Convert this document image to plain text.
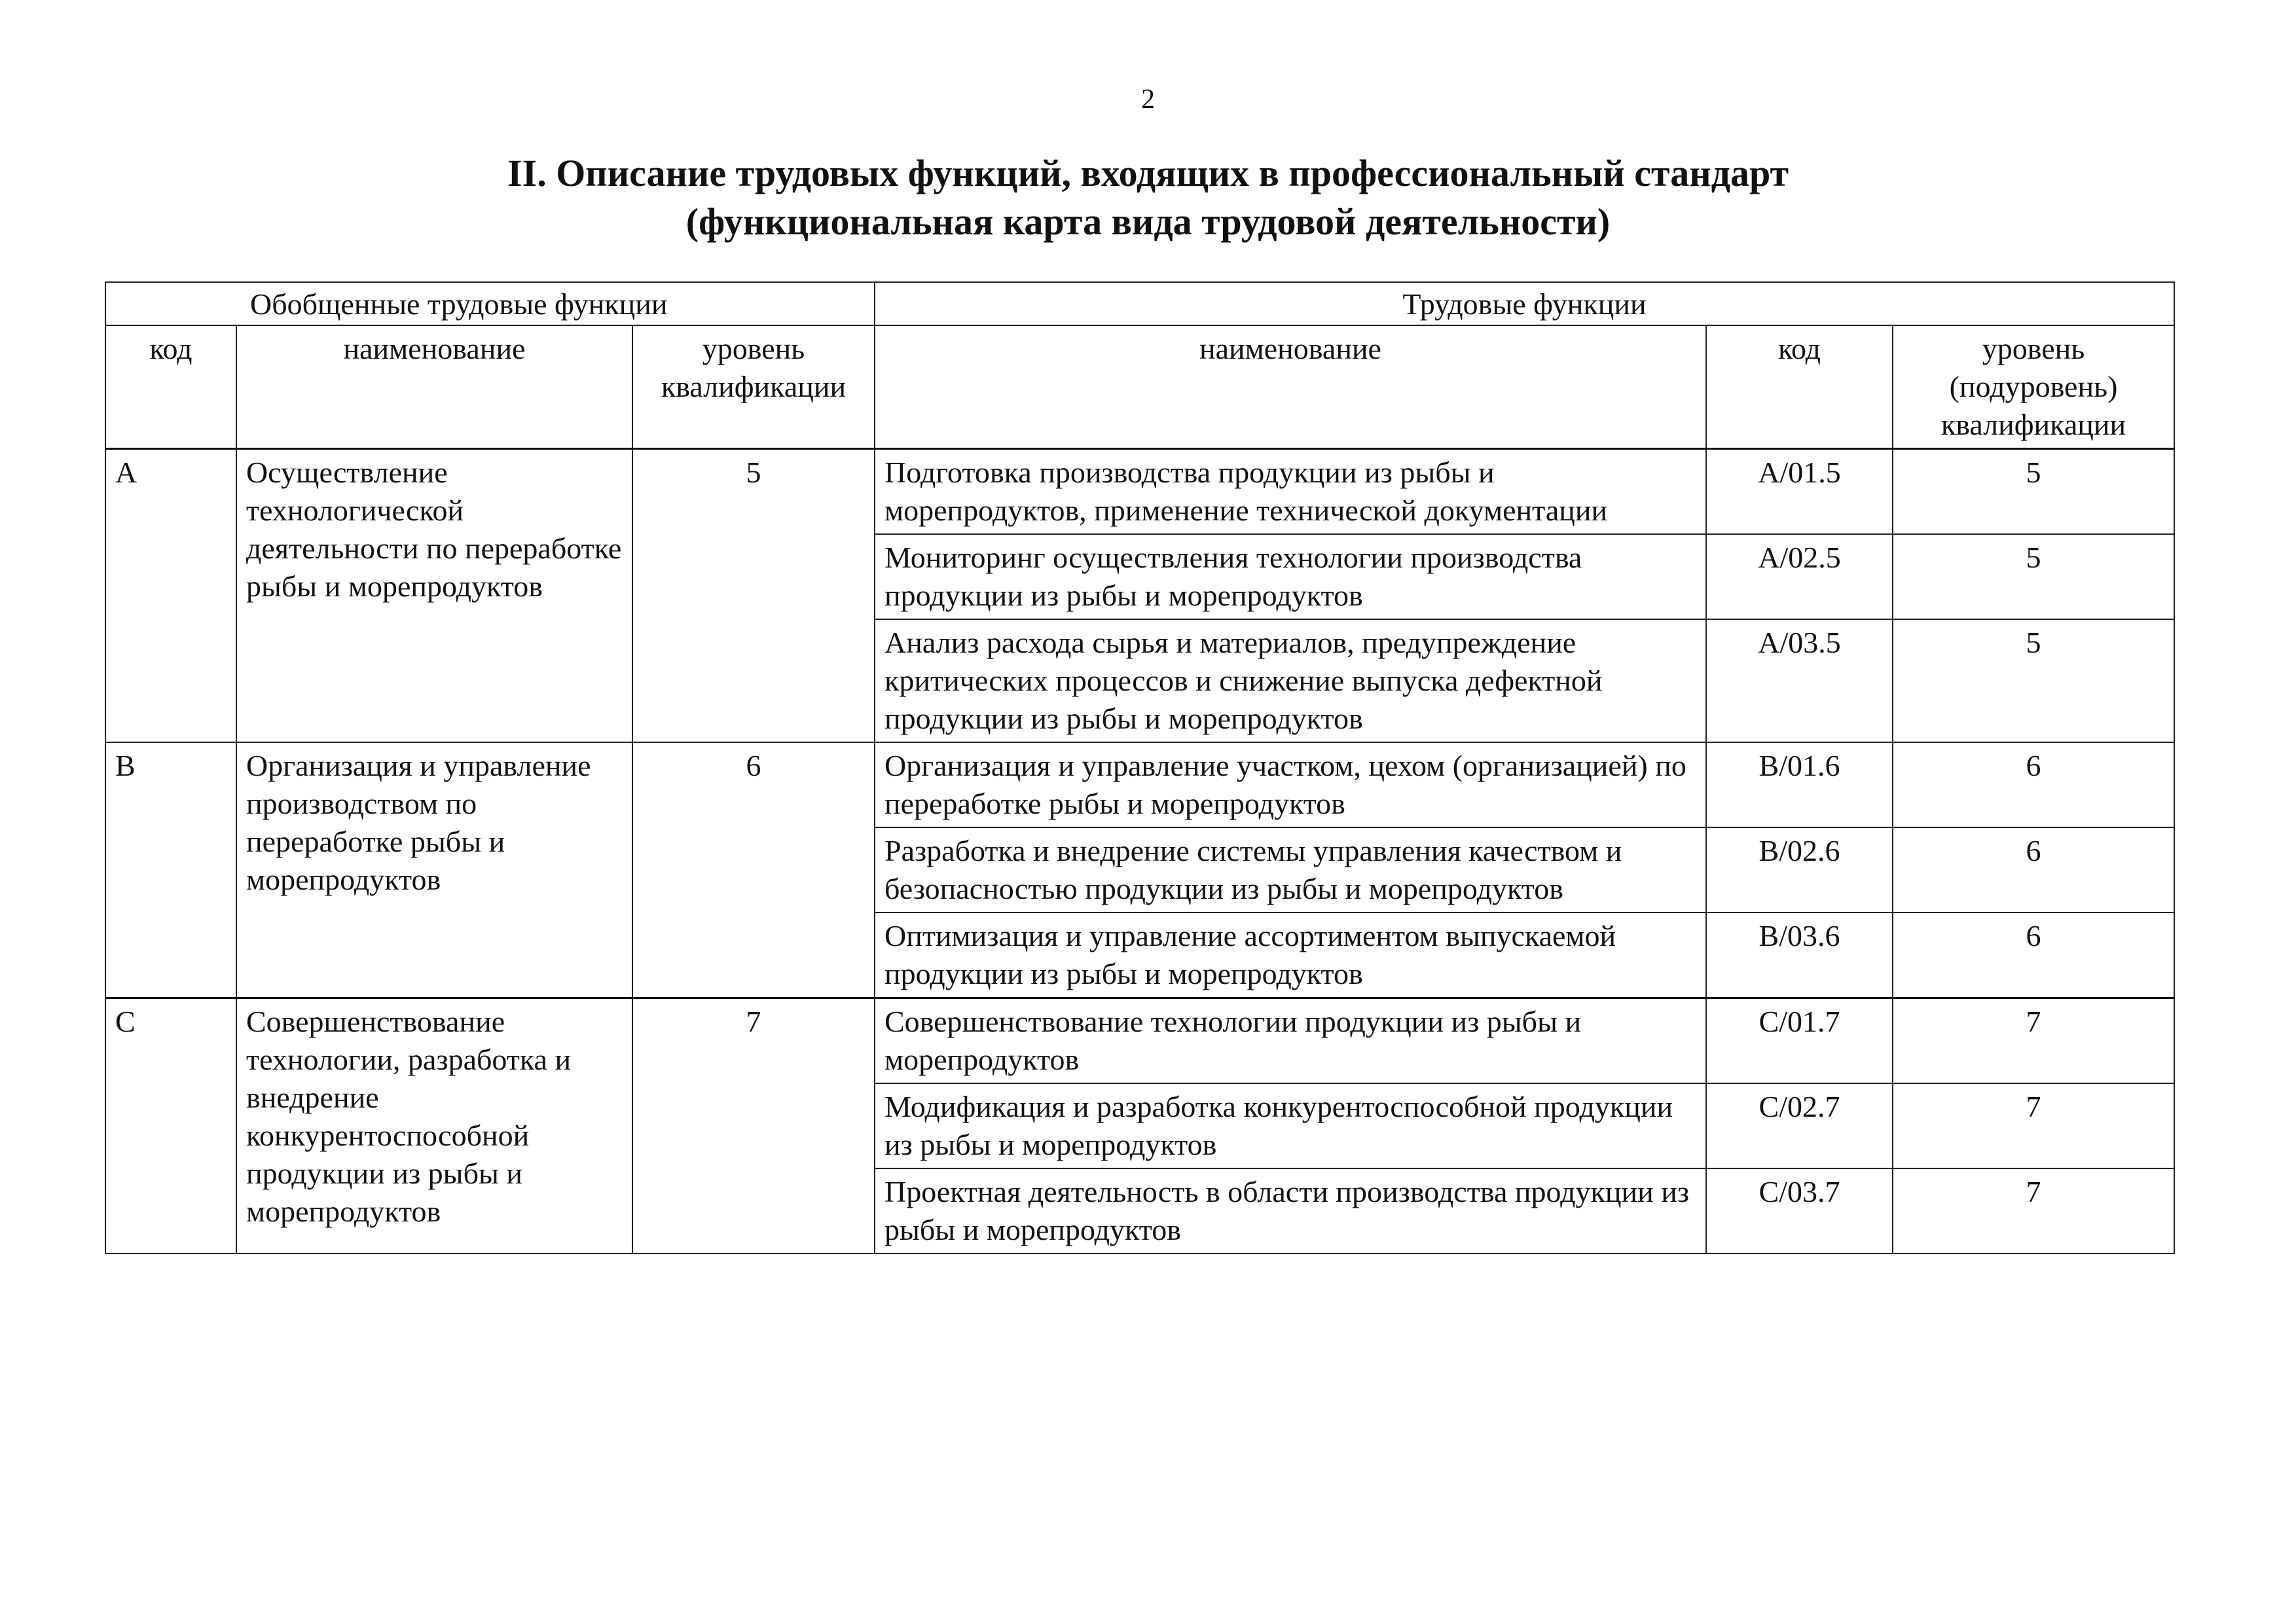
2
II. Описание трудовых функций, входящих в профессиональный стандарт
(функциональная карта вида трудовой деятельности)
Обобщенные трудовые функции			Трудовые функции		
код	наименование	уровень квалификации	наименование	код	уровень (подуровень) квалификации
A	Осуществление технологической деятельности по переработке рыбы и морепродуктов	5	Подготовка производства продукции из рыбы и морепродуктов, применение технической документации	A/01.5	5
			Мониторинг осуществления технологии производства продукции из рыбы и морепродуктов	A/02.5	5
			Анализ расхода сырья и материалов, предупреждение критических процессов и снижение выпуска дефектной продукции из рыбы и морепродуктов	A/03.5	5
B	Организация и управление производством по переработке рыбы и морепродуктов	6	Организация и управление участком, цехом (организацией) по переработке рыбы и морепродуктов	B/01.6	6
			Разработка и внедрение системы управления качеством и безопасностью продукции из рыбы и морепродуктов	B/02.6	6
			Оптимизация и управление ассортиментом выпускаемой продукции из рыбы и морепродуктов	B/03.6	6
C	Совершенствование технологии, разработка и внедрение конкурентоспособной продукции из рыбы и морепродуктов	7	Совершенствование технологии продукции из рыбы и морепродуктов	C/01.7	7
			Модификация и разработка конкурентоспособной продукции из рыбы и морепродуктов	C/02.7	7
			Проектная деятельность в области производства продукции из рыбы и морепродуктов	C/03.7	7
